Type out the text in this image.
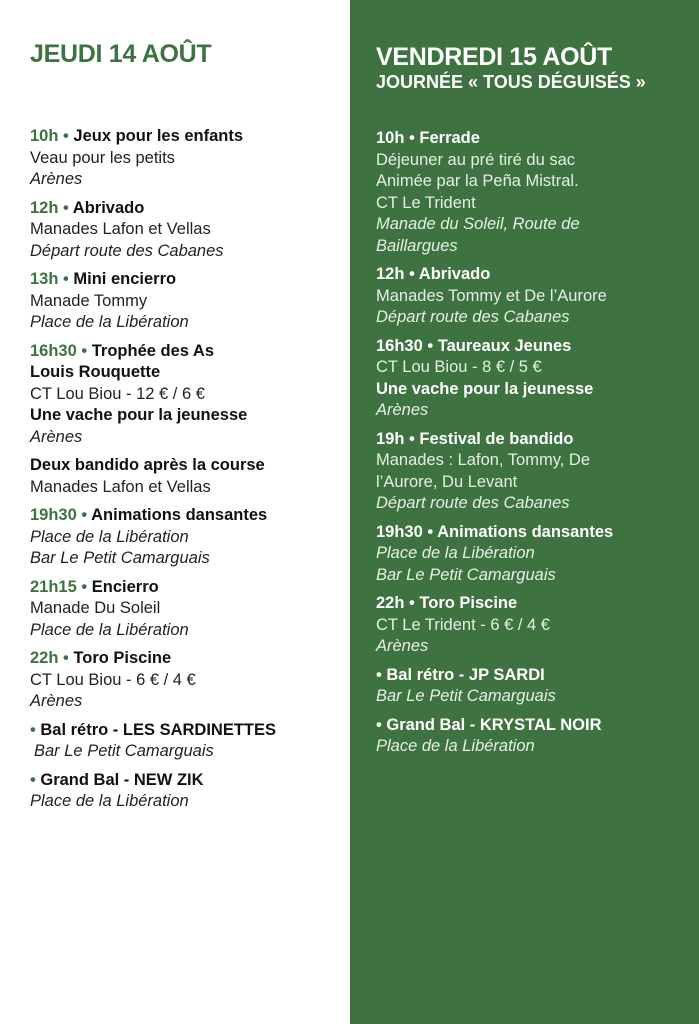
JEUDI 14 AOÛT
10h • Jeux pour les enfants
Veau pour les petits
Arènes
12h • Abrivado
Manades Lafon et Vellas
Départ route des Cabanes
13h • Mini encierro
Manade Tommy
Place de la Libération
16h30 • Trophée des As
Louis Rouquette
CT Lou Biou - 12 € / 6 €
Une vache pour la jeunesse
Arènes
Deux bandido après la course
Manades Lafon et Vellas
19h30 • Animations dansantes
Place de la Libération
Bar Le Petit Camarguais
21h15 • Encierro
Manade Du Soleil
Place de la Libération
22h • Toro Piscine
CT Lou Biou - 6 € / 4 €
Arènes
• Bal rétro - LES SARDINETTES
Bar Le Petit Camarguais
• Grand Bal - NEW ZIK
Place de la Libération
VENDREDI 15 AOÛT
JOURNÉE « TOUS DÉGUISÉS »
10h • Ferrade
Déjeuner au pré tiré du sac
Animée par la Peña Mistral.
CT Le Trident
Manade du Soleil, Route de
Baillargues
12h • Abrivado
Manades Tommy et De l’Aurore
Départ route des Cabanes
16h30 • Taureaux Jeunes
CT Lou Biou - 8 € / 5 €
Une vache pour la jeunesse
Arènes
19h • Festival de bandido
Manades : Lafon, Tommy, De
l’Aurore, Du Levant
Départ route des Cabanes
19h30 • Animations dansantes
Place de la Libération
Bar Le Petit Camarguais
22h • Toro Piscine
CT Le Trident - 6 € / 4 €
Arènes
• Bal rétro - JP SARDI
Bar Le Petit Camarguais
• Grand Bal - KRYSTAL NOIR
Place de la Libération
